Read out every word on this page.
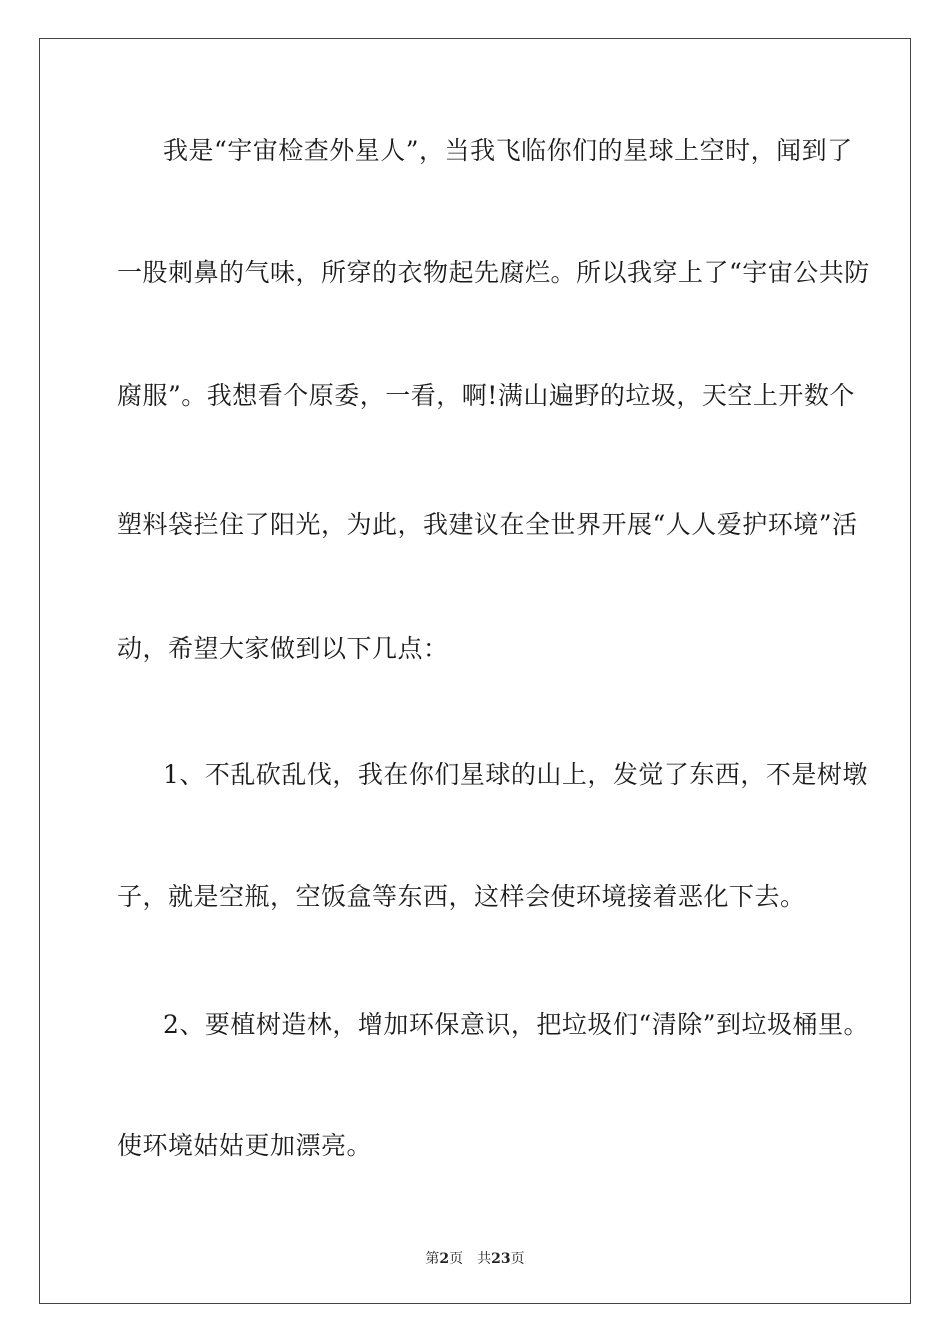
我是“宇宙检查外星人”，当我飞临你们的星球上空时，闻到了
一股刺鼻的气味，所穿的衣物起先腐烂。所以我穿上了“宇宙公共防
腐服”。我想看个原委，一看，啊!满山遍野的垃圾，天空上开数个
塑料袋拦住了阳光，为此，我建议在全世界开展“人人爱护环境”活
动，希望大家做到以下几点：
1、不乱砍乱伐，我在你们星球的山上，发觉了东西，不是树墩
子，就是空瓶，空饭盒等东西，这样会使环境接着恶化下去。
2、要植树造林，增加环保意识，把垃圾们“清除”到垃圾桶里。
使环境姑姑更加漂亮。
第2页 共23页
